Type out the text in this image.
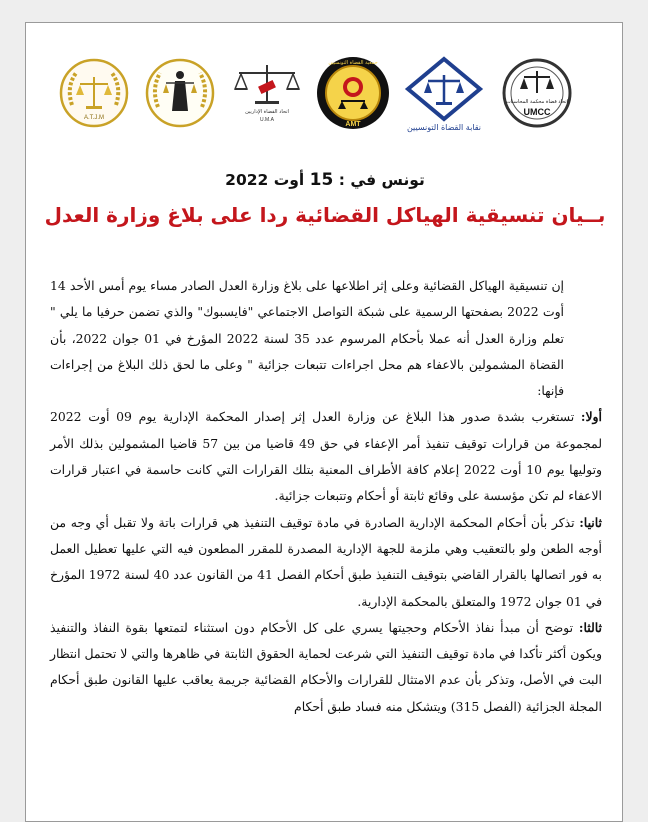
A.T.J.M
اتحاد القضاة الإداريين
U.M.A
جمعية القضاة التونسيين
AMT	نقابة القضاة التونسيين
اتحاد قضاة محكمة المحاسبات
UMCC
تونس في : 15 أوت 2022
بــيان تنسيقية الهياكل القضائية ردا على بلاغ وزارة العدل

إن تنسيقية الهياكل القضائية وعلى إثر اطلاعها على بلاغ وزارة العدل الصادر مساء يوم أمس الأحد 14 أوت 2022 بصفحتها الرسمية على شبكة التواصل الاجتماعي "فايسبوك" والذي تضمن حرفيا ما يلي " تعلم وزارة العدل أنه عملا بأحكام المرسوم عدد 35 لسنة 2022 المؤرخ في 01 جوان 2022، بأن القضاة المشمولين بالاعفاء هم محل اجراءات تتبعات جزائية " وعلى ما لحق ذلك البلاغ من إجراءات فإنها:

أولا: تستغرب بشدة صدور هذا البلاغ عن وزارة العدل إثر إصدار المحكمة الإدارية يوم 09 أوت 2022 لمجموعة من قرارات توقيف تنفيذ أمر الإعفاء في حق 49 قاضيا من بين 57 قاضيا المشمولين بذلك الأمر وتوليها يوم 10 أوت 2022 إعلام كافة الأطراف المعنية بتلك القرارات التي كانت حاسمة في اعتبار قرارات الاعفاء لم تكن مؤسسة على وقائع ثابتة أو أحكام وتتبعات جزائية.

ثانيا: تذكر بأن أحكام المحكمة الإدارية الصادرة في مادة توقيف التنفيذ هي قرارات باتة ولا تقبل أي وجه من أوجه الطعن ولو بالتعقيب وهي ملزمة للجهة الإدارية المصدرة للمقرر المطعون فيه التي عليها تعطيل العمل به فور اتصالها بالقرار القاضي بتوقيف التنفيذ طبق أحكام الفصل 41 من القانون عدد 40 لسنة 1972 المؤرخ في 01 جوان 1972 والمتعلق بالمحكمة الإدارية.

ثالثا: توضح أن مبدأ نفاذ الأحكام وحجيتها يسري على كل الأحكام دون استثناء لتمتعها بقوة النفاذ والتنفيذ ويكون أكثر تأكدا في مادة توقيف التنفيذ التي شرعت لحماية الحقوق الثابتة في ظاهرها والتي لا تحتمل انتظار البت في الأصل، وتذكر بأن عدم الامتثال للقرارات والأحكام القضائية جريمة يعاقب عليها القانون طبق أحكام المجلة الجزائية (الفصل 315) ويتشكل منه فساد طبق أحكام
